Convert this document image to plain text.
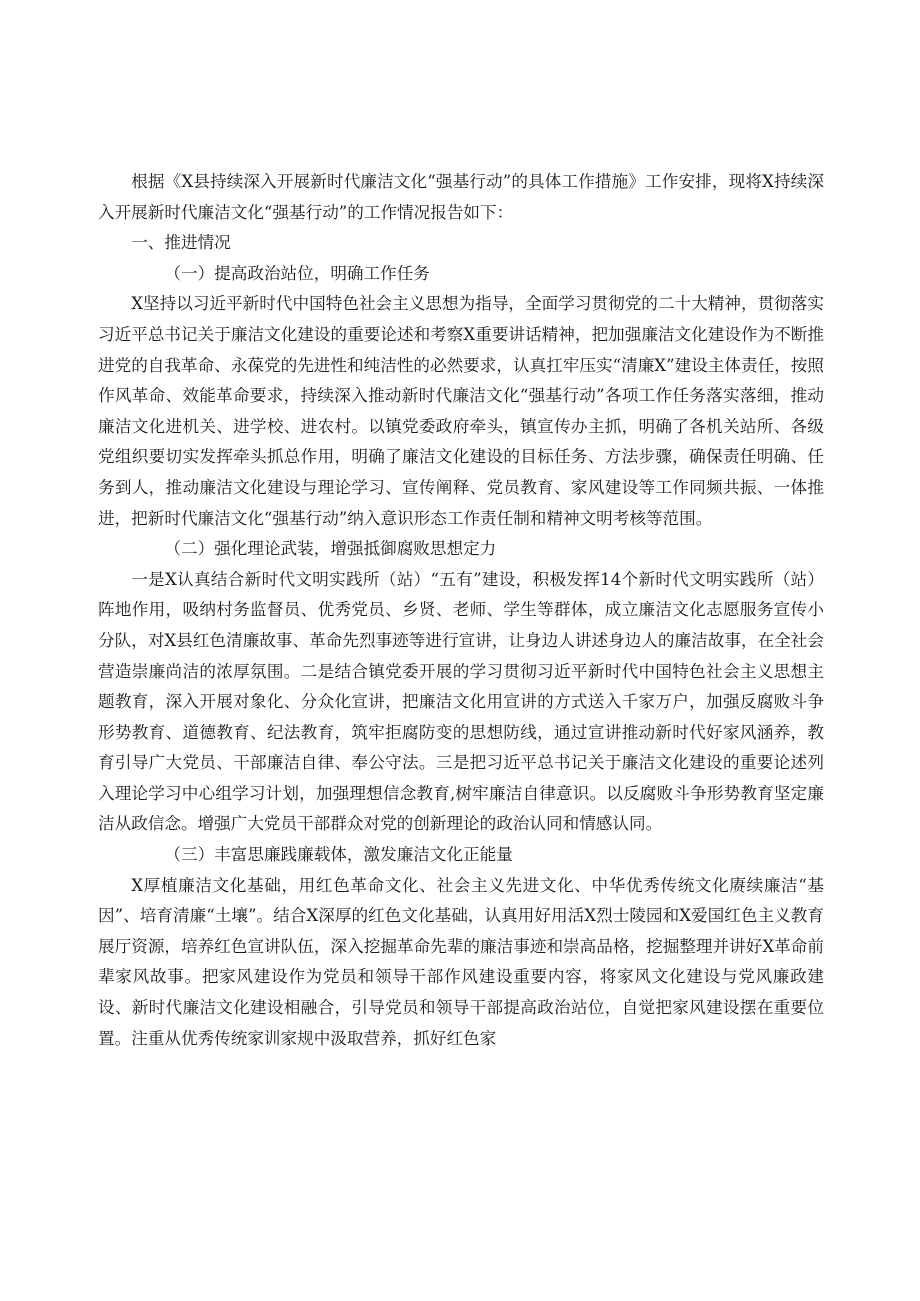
根据《X县持续深入开展新时代廉洁文化“强基行动”的具体工作措施》工作安排，现将X持续深入开展新时代廉洁文化“强基行动”的工作情况报告如下：

一、推进情况

（一）提高政治站位，明确工作任务

X坚持以习近平新时代中国特色社会主义思想为指导，全面学习贯彻党的二十大精神，贯彻落实习近平总书记关于廉洁文化建设的重要论述和考察X重要讲话精神，把加强廉洁文化建设作为不断推进党的自我革命、永葆党的先进性和纯洁性的必然要求，认真扛牢压实“清廉X”建设主体责任，按照作风革命、效能革命要求，持续深入推动新时代廉洁文化“强基行动”各项工作任务落实落细，推动廉洁文化进机关、进学校、进农村。以镇党委政府牵头，镇宣传办主抓，明确了各机关站所、各级党组织要切实发挥牵头抓总作用，明确了廉洁文化建设的目标任务、方法步骤，确保责任明确、任务到人，推动廉洁文化建设与理论学习、宣传阐释、党员教育、家风建设等工作同频共振、一体推进，把新时代廉洁文化“强基行动”纳入意识形态工作责任制和精神文明考核等范围。

（二）强化理论武装，增强抵御腐败思想定力

一是X认真结合新时代文明实践所（站）“五有”建设，积极发挥14个新时代文明实践所（站）阵地作用，吸纳村务监督员、优秀党员、乡贤、老师、学生等群体，成立廉洁文化志愿服务宣传小分队，对X县红色清廉故事、革命先烈事迹等进行宣讲，让身边人讲述身边人的廉洁故事，在全社会营造崇廉尚洁的浓厚氛围。二是结合镇党委开展的学习贯彻习近平新时代中国特色社会主义思想主题教育，深入开展对象化、分众化宣讲，把廉洁文化用宣讲的方式送入千家万户，加强反腐败斗争形势教育、道德教育、纪法教育，筑牢拒腐防变的思想防线，通过宣讲推动新时代好家风涵养，教育引导广大党员、干部廉洁自律、奉公守法。三是把习近平总书记关于廉洁文化建设的重要论述列入理论学习中心组学习计划，加强理想信念教育,树牢廉洁自律意识。以反腐败斗争形势教育坚定廉洁从政信念。增强广大党员干部群众对党的创新理论的政治认同和情感认同。

（三）丰富思廉践廉载体，激发廉洁文化正能量

X厚植廉洁文化基础，用红色革命文化、社会主义先进文化、中华优秀传统文化赓续廉洁“基因”、培育清廉“土壤”。结合X深厚的红色文化基础，认真用好用活X烈士陵园和X爱国红色主义教育展厅资源，培养红色宣讲队伍，深入挖掘革命先辈的廉洁事迹和崇高品格，挖掘整理并讲好X革命前辈家风故事。把家风建设作为党员和领导干部作风建设重要内容，将家风文化建设与党风廉政建设、新时代廉洁文化建设相融合，引导党员和领导干部提高政治站位，自觉把家风建设摆在重要位置。注重从优秀传统家训家规中汲取营养，抓好红色家
